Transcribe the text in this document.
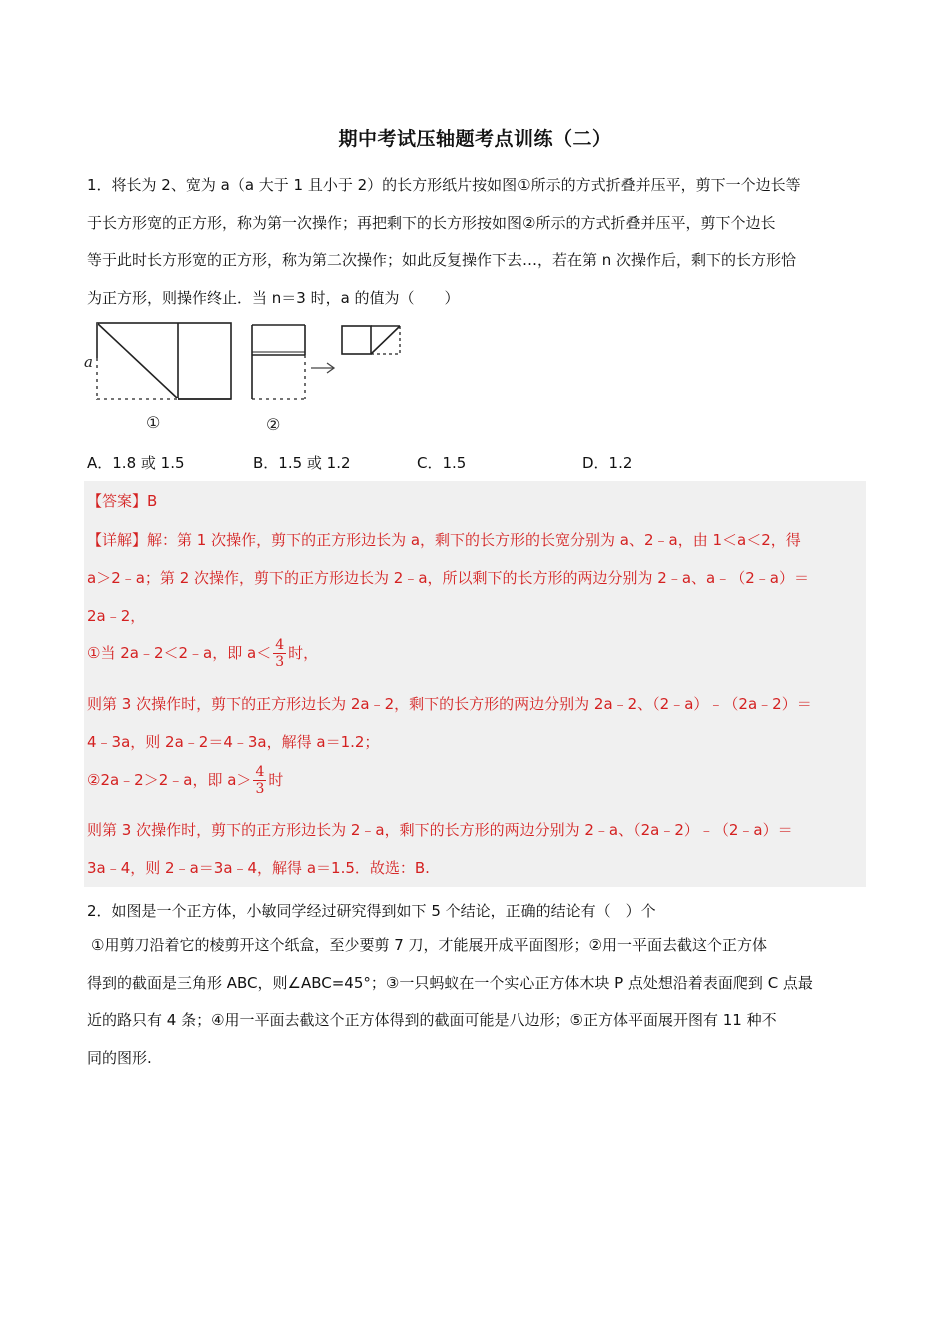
期中考试压轴题考点训练（二）
1．将长为 2、宽为 a（a 大于 1 且小于 2）的长方形纸片按如图①所示的方式折叠并压平，剪下一个边长等
于长方形宽的正方形，称为第一次操作；再把剩下的长方形按如图②所示的方式折叠并压平，剪下个边长
等于此时长方形宽的正方形，称为第二次操作；如此反复操作下去…，若在第 n 次操作后，剩下的长方形恰
为正方形，则操作终止．当 n＝3 时，a 的值为（　　）
a
①	②
A．1.8 或 1.5	B．1.5 或 1.2	C．1.5	D．1.2
【答案】B
【详解】解：第 1 次操作，剪下的正方形边长为 a，剩下的长方形的长宽分别为 a、2﹣a，由 1＜a＜2，得
a＞2﹣a；第 2 次操作，剪下的正方形边长为 2﹣a，所以剩下的长方形的两边分别为 2﹣a、a﹣（2﹣a）＝
2a﹣2，
①当 2a﹣2＜2﹣a，即 $a< \frac{4}{3}$ 时，
则第 3 次操作时，剪下的正方形边长为 2a﹣2，剩下的长方形的两边分别为 2a﹣2、（2﹣a）﹣（2a﹣2）＝
4﹣3a，则 2a﹣2＝4﹣3a，解得 a＝1.2；
②2a﹣2＞2﹣a，即 $a> \frac{4}{3}$ 时
则第 3 次操作时，剪下的正方形边长为 2﹣a，剩下的长方形的两边分别为 2﹣a、（2a﹣2）﹣（2﹣a）＝
3a﹣4，则 2﹣a＝3a﹣4，解得 a＝1.5．故选：B.
2．如图是一个正方体，小敏同学经过研究得到如下 5 个结论，正确的结论有（　）个
①用剪刀沿着它的棱剪开这个纸盒，至少要剪 7 刀，才能展开成平面图形；②用一平面去截这个正方体
得到的截面是三角形 ABC，则∠ABC=45°；③一只蚂蚁在一个实心正方体木块 P 点处想沿着表面爬到 C 点最
近的路只有 4 条；④用一平面去截这个正方体得到的截面可能是八边形；⑤正方体平面展开图有 11 种不
同的图形.
